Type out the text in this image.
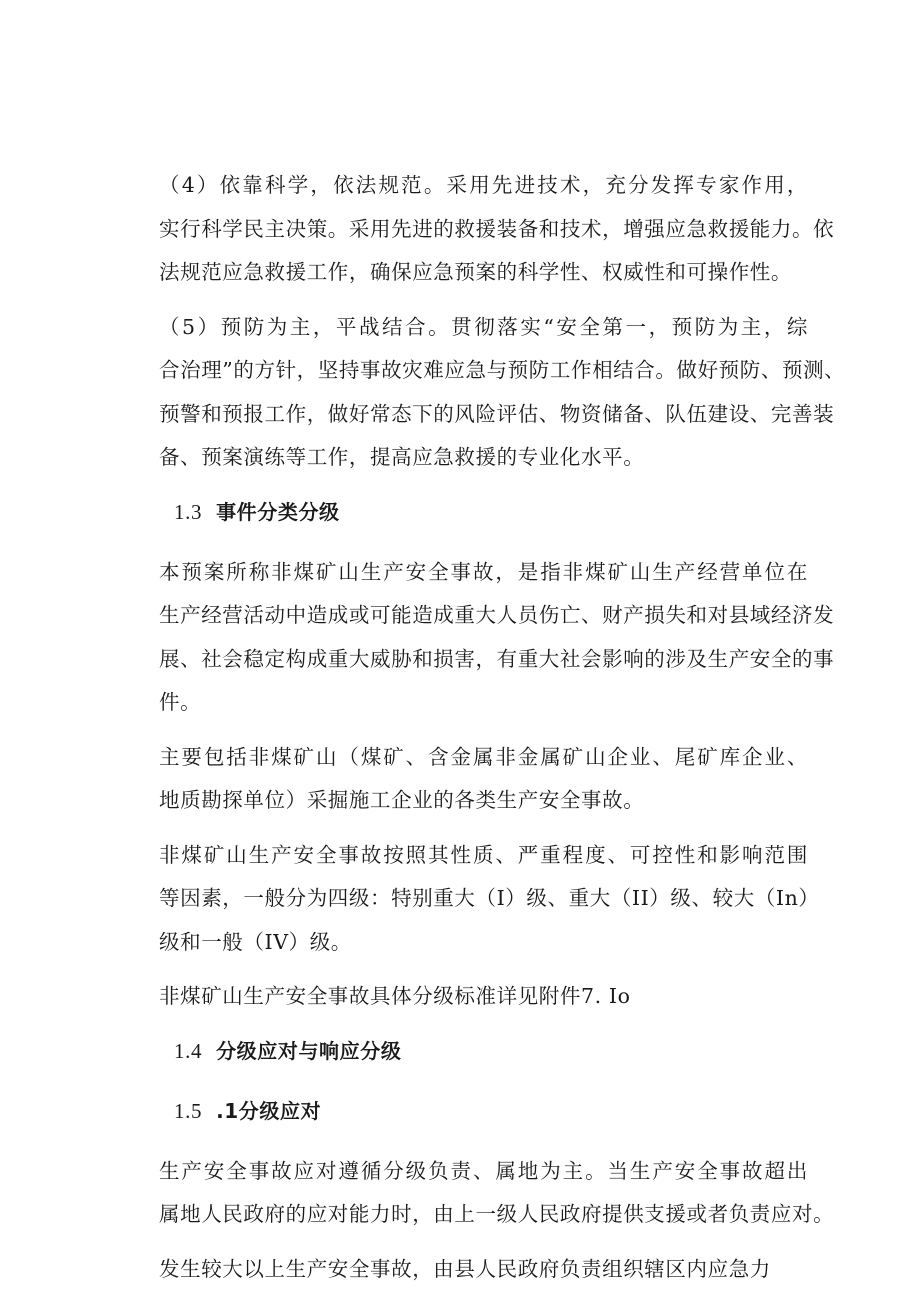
（4）依靠科学，依法规范。采用先进技术，充分发挥专家作用，
实行科学民主决策。采用先进的救援装备和技术，增强应急救援能力。依
法规范应急救援工作，确保应急预案的科学性、权威性和可操作性。
（5）预防为主，平战结合。贯彻落实“安全第一，预防为主，综
合治理”的方针，坚持事故灾难应急与预防工作相结合。做好预防、预测、
预警和预报工作，做好常态下的风险评估、物资储备、队伍建设、完善装
备、预案演练等工作，提高应急救援的专业化水平。
1.3 事件分类分级
本预案所称非煤矿山生产安全事故，是指非煤矿山生产经营单位在
生产经营活动中造成或可能造成重大人员伤亡、财产损失和对县域经济发
展、社会稳定构成重大威胁和损害，有重大社会影响的涉及生产安全的事
件。
主要包括非煤矿山（煤矿、含金属非金属矿山企业、尾矿库企业、
地质勘探单位）采掘施工企业的各类生产安全事故。
非煤矿山生产安全事故按照其性质、严重程度、可控性和影响范围
等因素，一般分为四级：特别重大（I）级、重大（II）级、较大（In）
级和一般（IV）级。
非煤矿山生产安全事故具体分级标准详见附件7. Io
1.4 分级应对与响应分级
1.5 .1分级应对
生产安全事故应对遵循分级负责、属地为主。当生产安全事故超出
属地人民政府的应对能力时，由上一级人民政府提供支援或者负责应对。
发生较大以上生产安全事故，由县人民政府负责组织辖区内应急力
